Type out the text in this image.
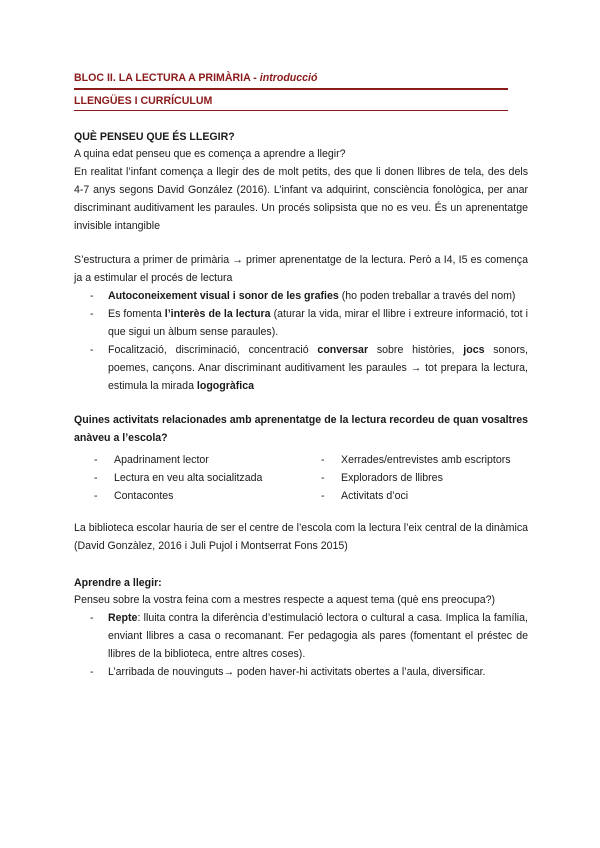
BLOC II. LA LECTURA A PRIMÀRIA - introducció
LLENGÜES I CURRÍCULUM
QUÈ PENSEU QUE ÉS LLEGIR?

A quina edat penseu que es comença a aprendre a llegir?

En realitat l’infant comença a llegir des de molt petits, des que li donen llibres de tela, des dels 4-7 anys segons David González (2016). L’infant va adquirint, consciència fonològica, per anar discriminant auditivament les paraules. Un procés solipsista que no es veu. És un aprenentatge invisible intangible

S’estructura a primer de primària → primer aprenentatge de la lectura. Però a I4, I5 es comença ja a estimular el procés de lectura

- Autoconeixement visual i sonor de les grafies (ho poden treballar a través del nom)
- Es fomenta l’interès de la lectura (aturar la vida, mirar el llibre i extreure informació, tot i que sigui un àlbum sense paraules).
- Focalització, discriminació, concentració conversar sobre històries, jocs sonors, poemes, cançons. Anar discriminant auditivament les paraules → tot prepara la lectura, estimula la mirada logogràfica
Quines activitats relacionades amb aprenentatge de la lectura recordeu de quan vosaltres anàveu a l’escola?
- Apadrinament lector
- Lectura en veu alta socialitzada
- Contacontes
- Xerrades/entrevistes amb escriptors
- Exploradors de llibres
- Activitats d’oci

La biblioteca escolar hauria de ser el centre de l’escola com la lectura l’eix central de la dinàmica (David Gonzàlez, 2016 i Juli Pujol i Montserrat Fons 2015)

Aprendre a llegir:

Penseu sobre la vostra feina com a mestres respecte a aquest tema (què ens preocupa?)

- Repte: lluita contra la diferència d’estimulació lectora o cultural a casa. Implica la família, enviant llibres a casa o recomanant. Fer pedagogia als pares (fomentant el préstec de llibres de la biblioteca, entre altres coses).
- L’arribada de nouvinguts→ poden haver-hi activitats obertes a l’aula, diversificar.
